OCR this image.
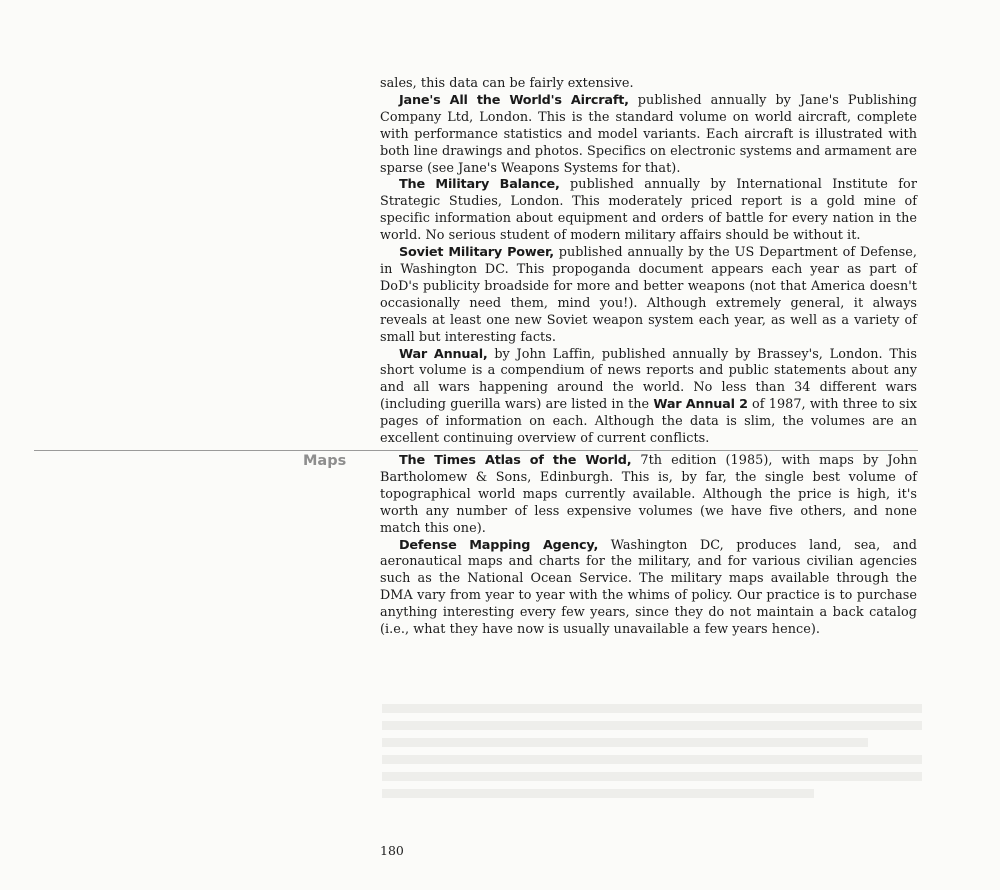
sales, this data can be fairly extensive.

Jane's All the World's Aircraft, published annually by Jane's Publishing Company Ltd, London. This is the standard volume on world aircraft, complete with performance statistics and model variants. Each aircraft is illustrated with both line drawings and photos. Specifics on electronic systems and armament are sparse (see Jane's Weapons Systems for that).

The Military Balance, published annually by International Institute for Strategic Studies, London. This moderately priced report is a gold mine of specific information about equipment and orders of battle for every nation in the world. No serious student of modern military affairs should be without it.

Soviet Military Power, published annually by the US Department of Defense, in Washington DC. This propoganda document appears each year as part of DoD's publicity broadside for more and better weapons (not that America doesn't occasionally need them, mind you!). Although extremely general, it always reveals at least one new Soviet weapon system each year, as well as a variety of small but interesting facts.

War Annual, by John Laffin, published annually by Brassey's, London. This short volume is a compendium of news reports and public statements about any and all wars happening around the world. No less than 34 different wars (including guerilla wars) are listed in the War Annual 2 of 1987, with three to six pages of information on each. Although the data is slim, the volumes are an excellent continuing overview of current conflicts.

Maps	The Times Atlas of the World, 7th edition (1985), with maps by John Bartholomew & Sons, Edinburgh. This is, by far, the single best volume of topographical world maps currently available. Although the price is high, it's worth any number of less expensive volumes (we have five others, and none match this one).

Defense Mapping Agency, Washington DC, produces land, sea, and aeronautical maps and charts for the military, and for various civilian agencies such as the National Ocean Service. The military maps available through the DMA vary from year to year with the whims of policy. Our practice is to purchase anything interesting every few years, since they do not maintain a back catalog (i.e., what they have now is usually unavailable a few years hence).

180
